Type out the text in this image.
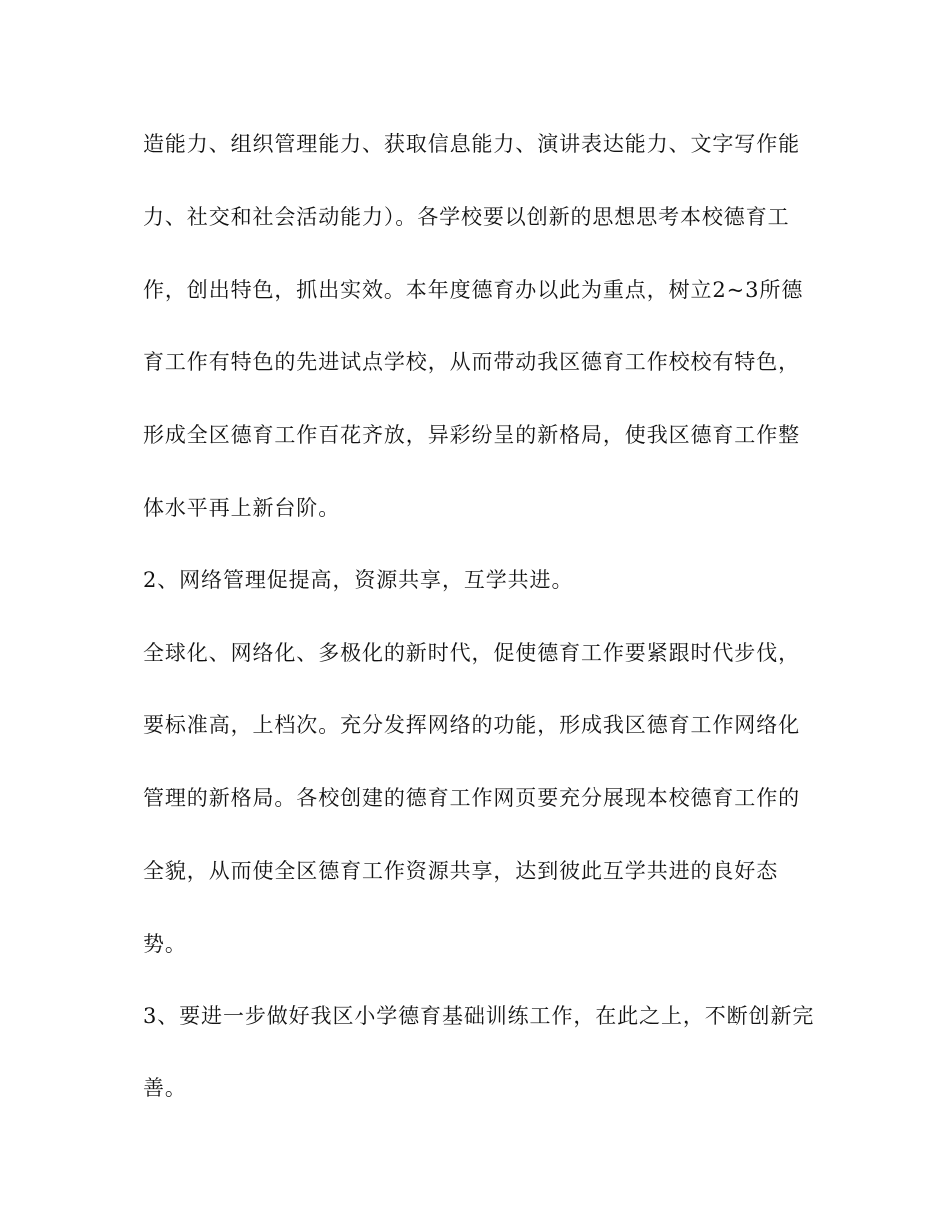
造能力、组织管理能力、获取信息能力、演讲表达能力、文字写作能
力、社交和社会活动能力）。各学校要以创新的思想思考本校德育工
作，创出特色，抓出实效。本年度德育办以此为重点，树立2~3所德
育工作有特色的先进试点学校，从而带动我区德育工作校校有特色，
形成全区德育工作百花齐放，异彩纷呈的新格局，使我区德育工作整
体水平再上新台阶。
2、网络管理促提高，资源共享，互学共进。
全球化、网络化、多极化的新时代，促使德育工作要紧跟时代步伐，
要标准高，上档次。充分发挥网络的功能，形成我区德育工作网络化
管理的新格局。各校创建的德育工作网页要充分展现本校德育工作的
全貌，从而使全区德育工作资源共享，达到彼此互学共进的良好态
势。
3、要进一步做好我区小学德育基础训练工作，在此之上，不断创新完
善。
